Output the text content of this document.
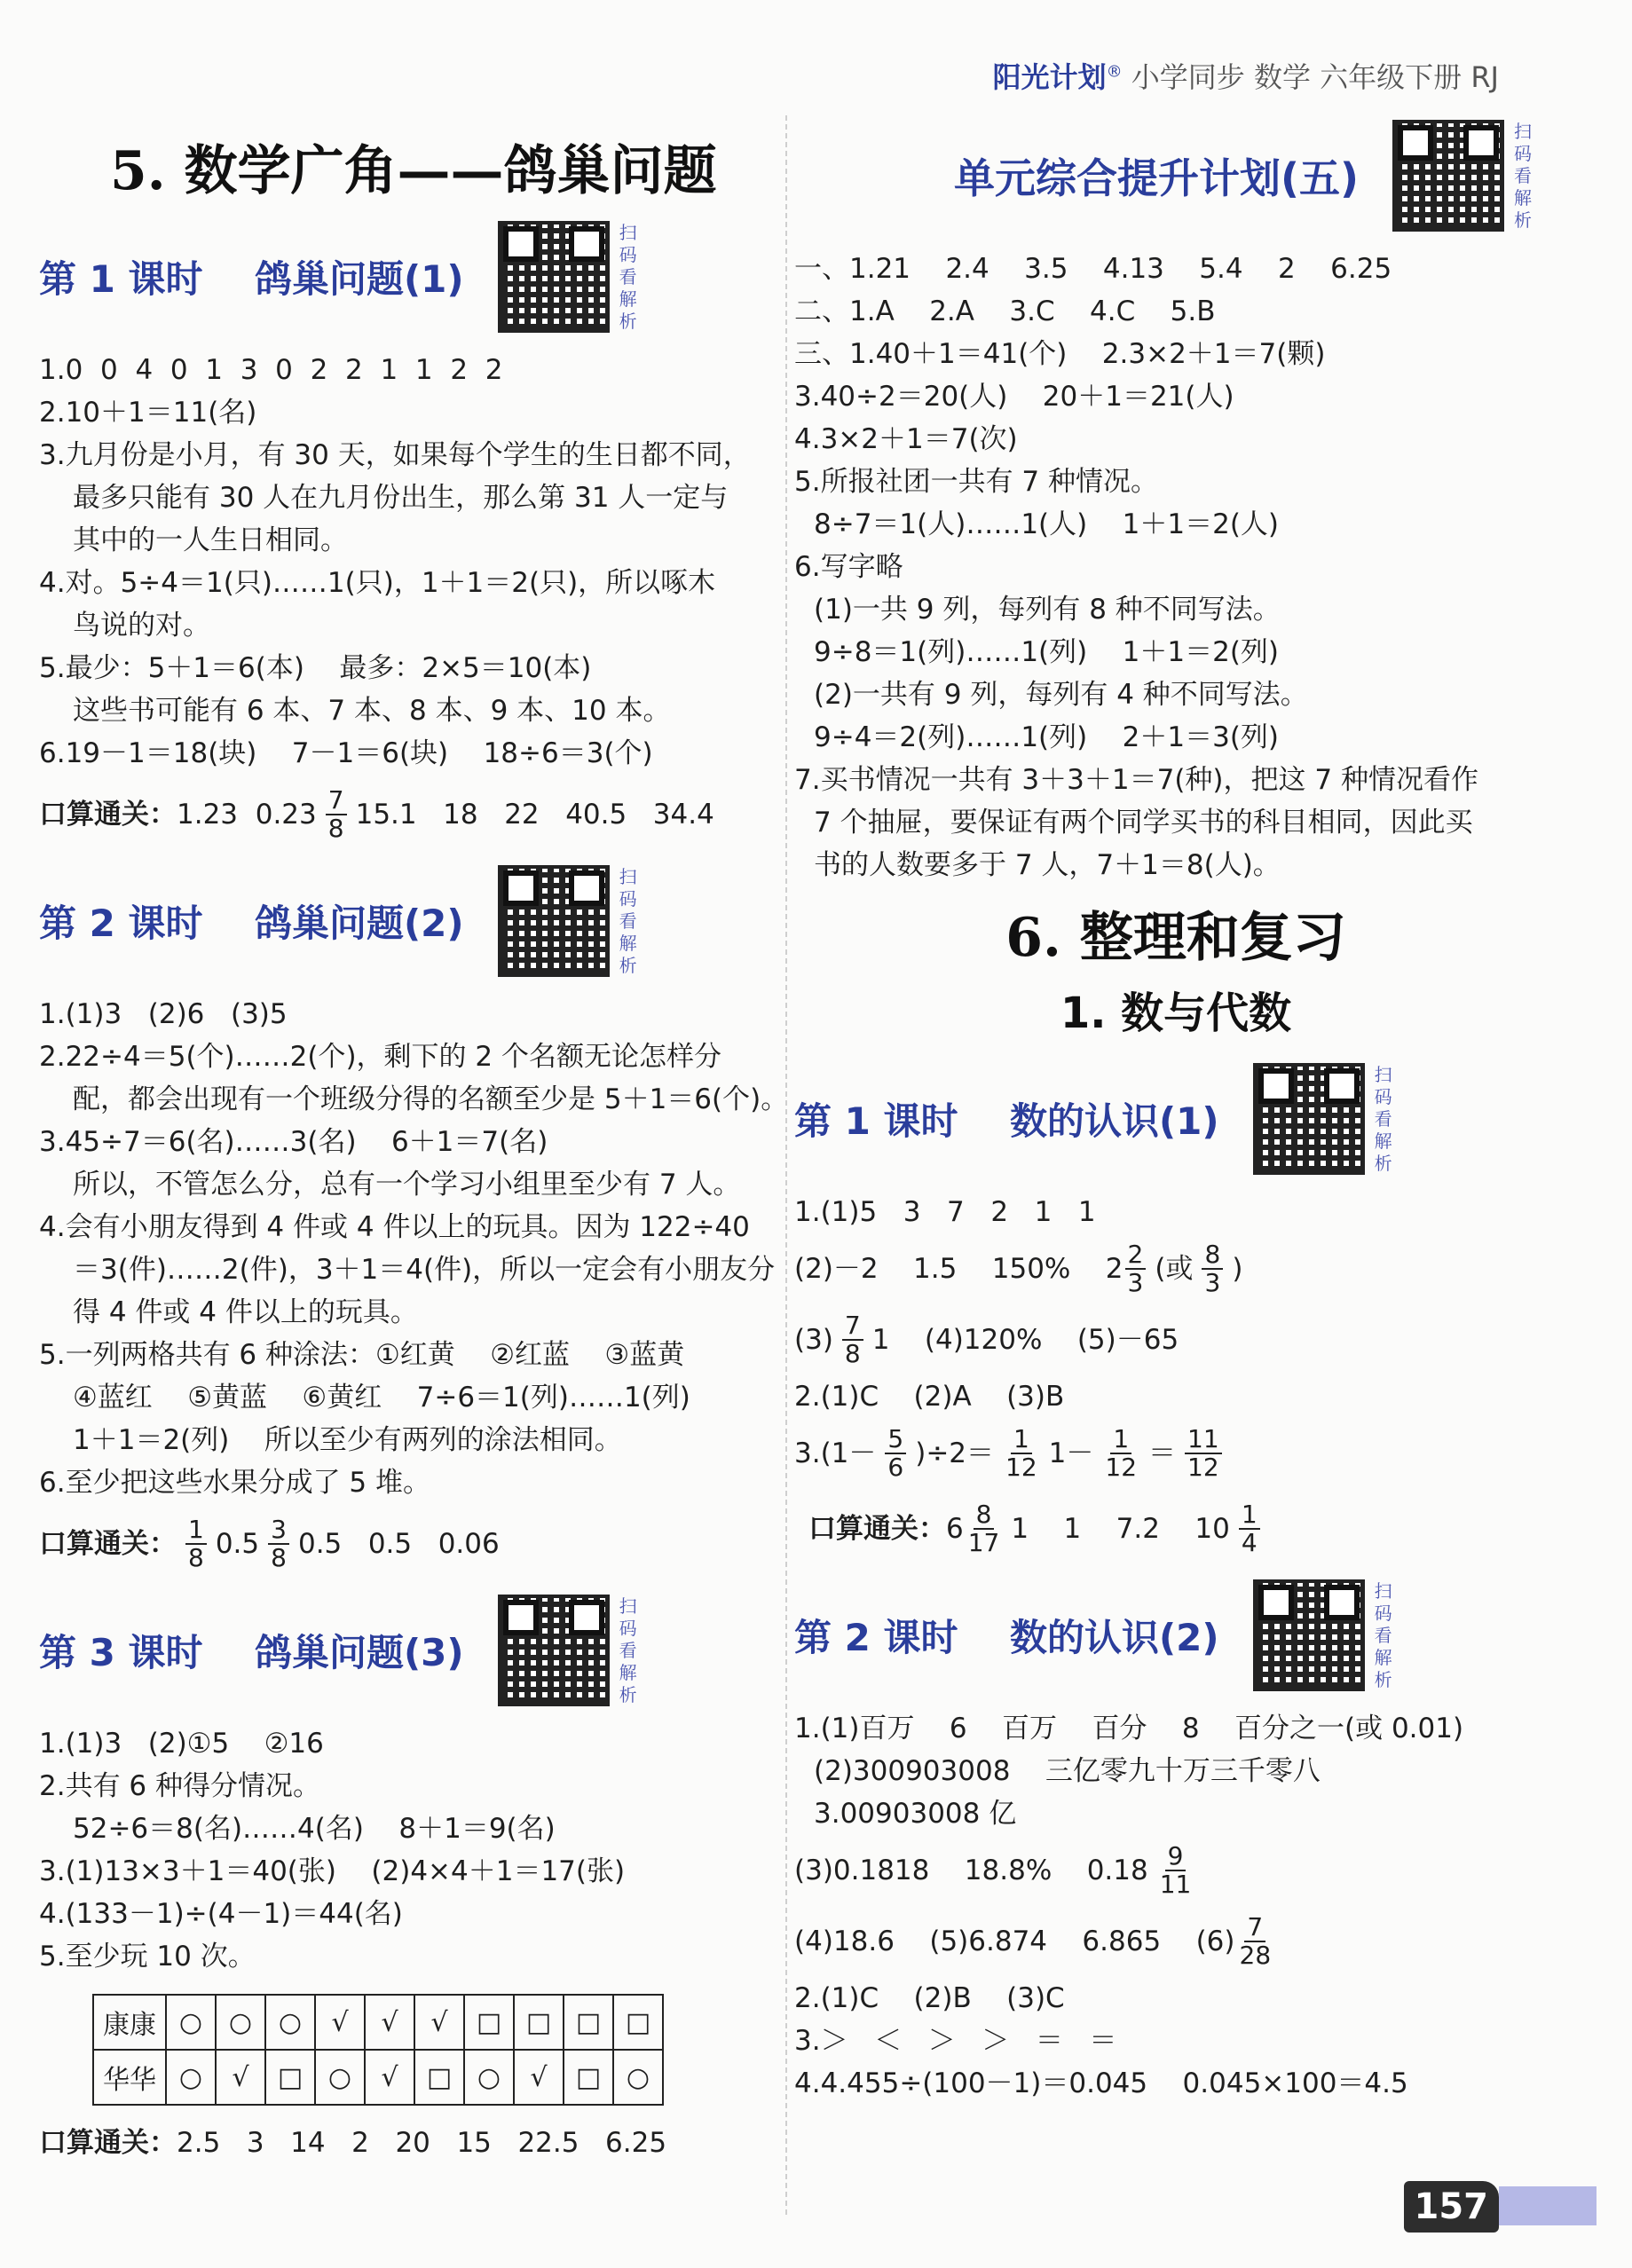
阳光计划® 小学同步 数学 六年级下册 RJ
5. 数学广角——鸽巢问题
第 1 课时    鸽巢问题(1)
扫码看解析
1.0  0  4  0  1  3  0  2  2  1  1  2  2
2.10＋1＝11(名)
3.九月份是小月，有 30 天，如果每个学生的生日都不同，
最多只能有 30 人在九月份出生，那么第 31 人一定与
其中的一人生日相同。
4.对。5÷4＝1(只)……1(只)，1＋1＝2(只)，所以啄木
鸟说的对。
5.最少：5＋1＝6(本)    最多：2×5＝10(本)
这些书可能有 6 本、7 本、8 本、9 本、10 本。
6.19－1＝18(块)    7－1＝6(块)    18÷6＝3(个)
口算通关： 1.23  $0.23 \frac{7}{8} 15.1$   18   22   40.5   34.4
第 2 课时    鸽巢问题(2)
扫码看解析
1.(1)3   (2)6   (3)5
2.22÷4＝5(个)……2(个)，剩下的 2 个名额无论怎样分
配，都会出现有一个班级分得的名额至少是 5＋1＝6(个)。
3.45÷7＝6(名)……3(名)    6＋1＝7(名)
所以，不管怎么分，总有一个学习小组里至少有 7 人。
4.会有小朋友得到 4 件或 4 件以上的玩具。因为 122÷40
＝3(件)……2(件)，3＋1＝4(件)，所以一定会有小朋友分
得 4 件或 4 件以上的玩具。
5.一列两格共有 6 种涂法：①红黄    ②红蓝    ③蓝黄
④蓝红    ⑤黄蓝    ⑥黄红    7÷6＝1(列)……1(列)
1＋1＝2(列)    所以至少有两列的涂法相同。
6.至少把这些水果分成了 5 堆。
口算通关： $\frac{1}{8} 0.5 \frac{3}{8} 0.5$   0.5   0.06
第 3 课时    鸽巢问题(3)
扫码看解析
1.(1)3   (2)①5    ②16
2.共有 6 种得分情况。
52÷6＝8(名)……4(名)    8＋1＝9(名)
3.(1)13×3＋1＝40(张)    (2)4×4＋1＝17(张)
4.(133－1)÷(4－1)＝44(名)
5.至少玩 10 次。
康康	○	○	○	√	√	√	□	□	□	□
华华	○	√	□	○	√	□	○	√	□	○
口算通关： 2.5   3   14   2   20   15   22.5   6.25
单元综合提升计划(五)
扫码看解析
一、1.21    2.4    3.5    4.13    5.4    2    6.25
二、1.A    2.A    3.C    4.C    5.B
三、1.40＋1＝41(个)    2.3×2＋1＝7(颗)
3.40÷2＝20(人)    20＋1＝21(人)
4.3×2＋1＝7(次)
5.所报社团一共有 7 种情况。
8÷7＝1(人)……1(人)    1＋1＝2(人)
6.写字略
(1)一共 9 列，每列有 8 种不同写法。
9÷8＝1(列)……1(列)    1＋1＝2(列)
(2)一共有 9 列，每列有 4 种不同写法。
9÷4＝2(列)……1(列)    2＋1＝3(列)
7.买书情况一共有 3＋3＋1＝7(种)，把这 7 种情况看作
7 个抽屉，要保证有两个同学买书的科目相同，因此买
书的人数要多于 7 人，7＋1＝8(人)。
6. 整理和复习
1. 数与代数
第 1 课时    数的认识(1)
扫码看解析
1.(1)5   3   7   2   1   1
(2)－2    1.5    150%    $2 \frac{2}{3}$ (或 $\frac{8}{3}$ )
$(3) \frac{7}{8} 1$    (4)120%    (5)－65
2.(1)C    (2)A    (3)B
$3.(1- \frac{5}{6} )\div 2= \frac{1}{12} 1- \frac{1}{12} = \frac{11}{12}$
口算通关： $6 \frac{8}{17} 1$    1    7.2    $10 \frac{1}{4}$
第 2 课时    数的认识(2)
扫码看解析
1.(1)百万    6    百万    百分    8    百分之一(或 0.01)
(2)300903008    三亿零九十万三千零八
3.00903008 亿
(3)0.1818    18.8%    $0.18 \frac{9}{11}$
(4)18.6    (5)6.874    6.865    $(6) \frac{7}{28}$
2.(1)C    (2)B    (3)C
3.＞   ＜   ＞   ＞   ＝   ＝
4.4.455÷(100－1)＝0.045    0.045×100＝4.5
157
